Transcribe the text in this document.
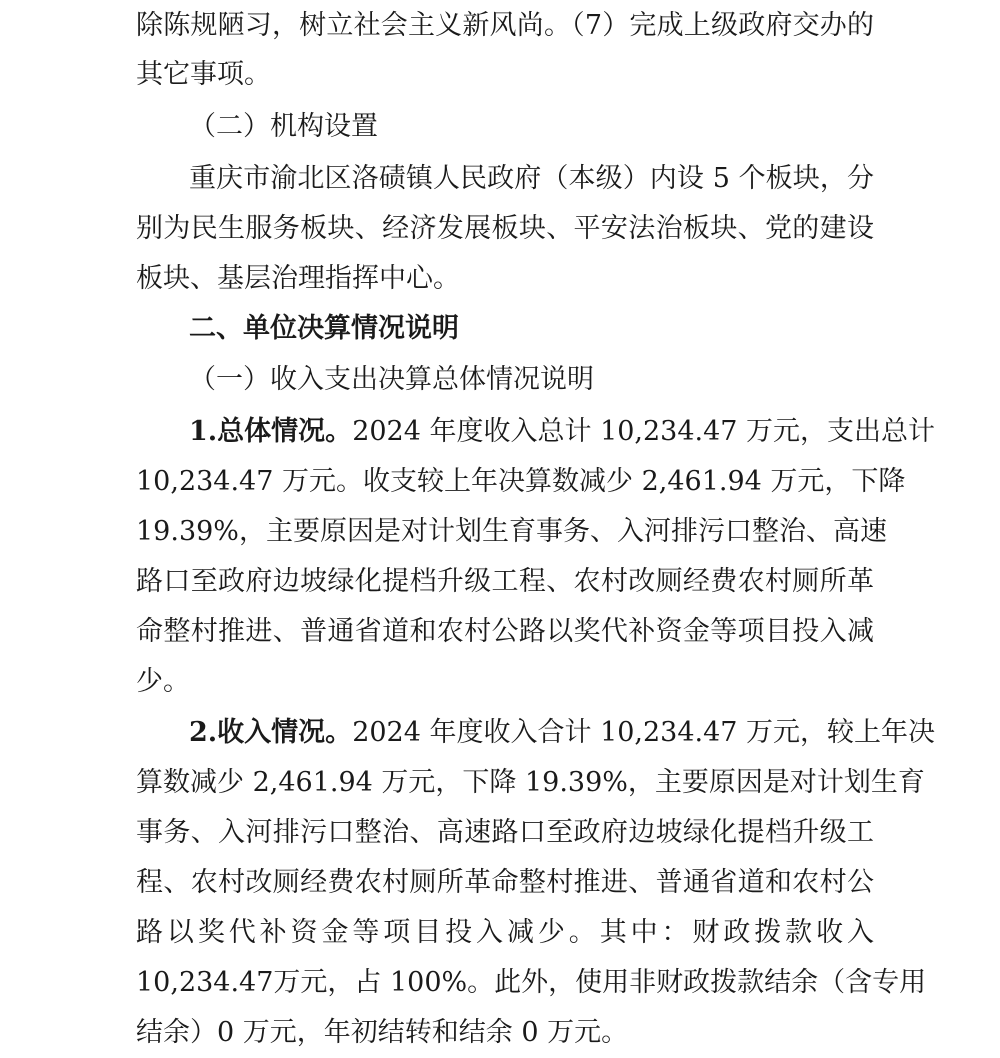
除陈规陋习，树立社会主义新风尚。（7）完成上级政府交办的
其它事项。
（二）机构设置
重庆市渝北区洛碛镇人民政府（本级）内设 5 个板块，分
别为民生服务板块、经济发展板块、平安法治板块、党的建设
板块、基层治理指挥中心。
二、单位决算情况说明
（一）收入支出决算总体情况说明
1.总体情况。2024 年度收入总计 10,234.47 万元，支出总计
10,234.47 万元。收支较上年决算数减少 2,461.94 万元，下降
19.39%，主要原因是对计划生育事务、入河排污口整治、高速
路口至政府边坡绿化提档升级工程、农村改厕经费农村厕所革
命整村推进、普通省道和农村公路以奖代补资金等项目投入减
少。
2.收入情况。2024 年度收入合计 10,234.47 万元，较上年决
算数减少 2,461.94 万元，下降 19.39%，主要原因是对计划生育
事务、入河排污口整治、高速路口至政府边坡绿化提档升级工
程、农村改厕经费农村厕所革命整村推进、普通省道和农村公
路以奖代补资金等项目投入减少。其中：财政拨款收入
10,234.47万元，占 100%。此外，使用非财政拨款结余（含专用
结余）0 万元，年初结转和结余 0 万元。
